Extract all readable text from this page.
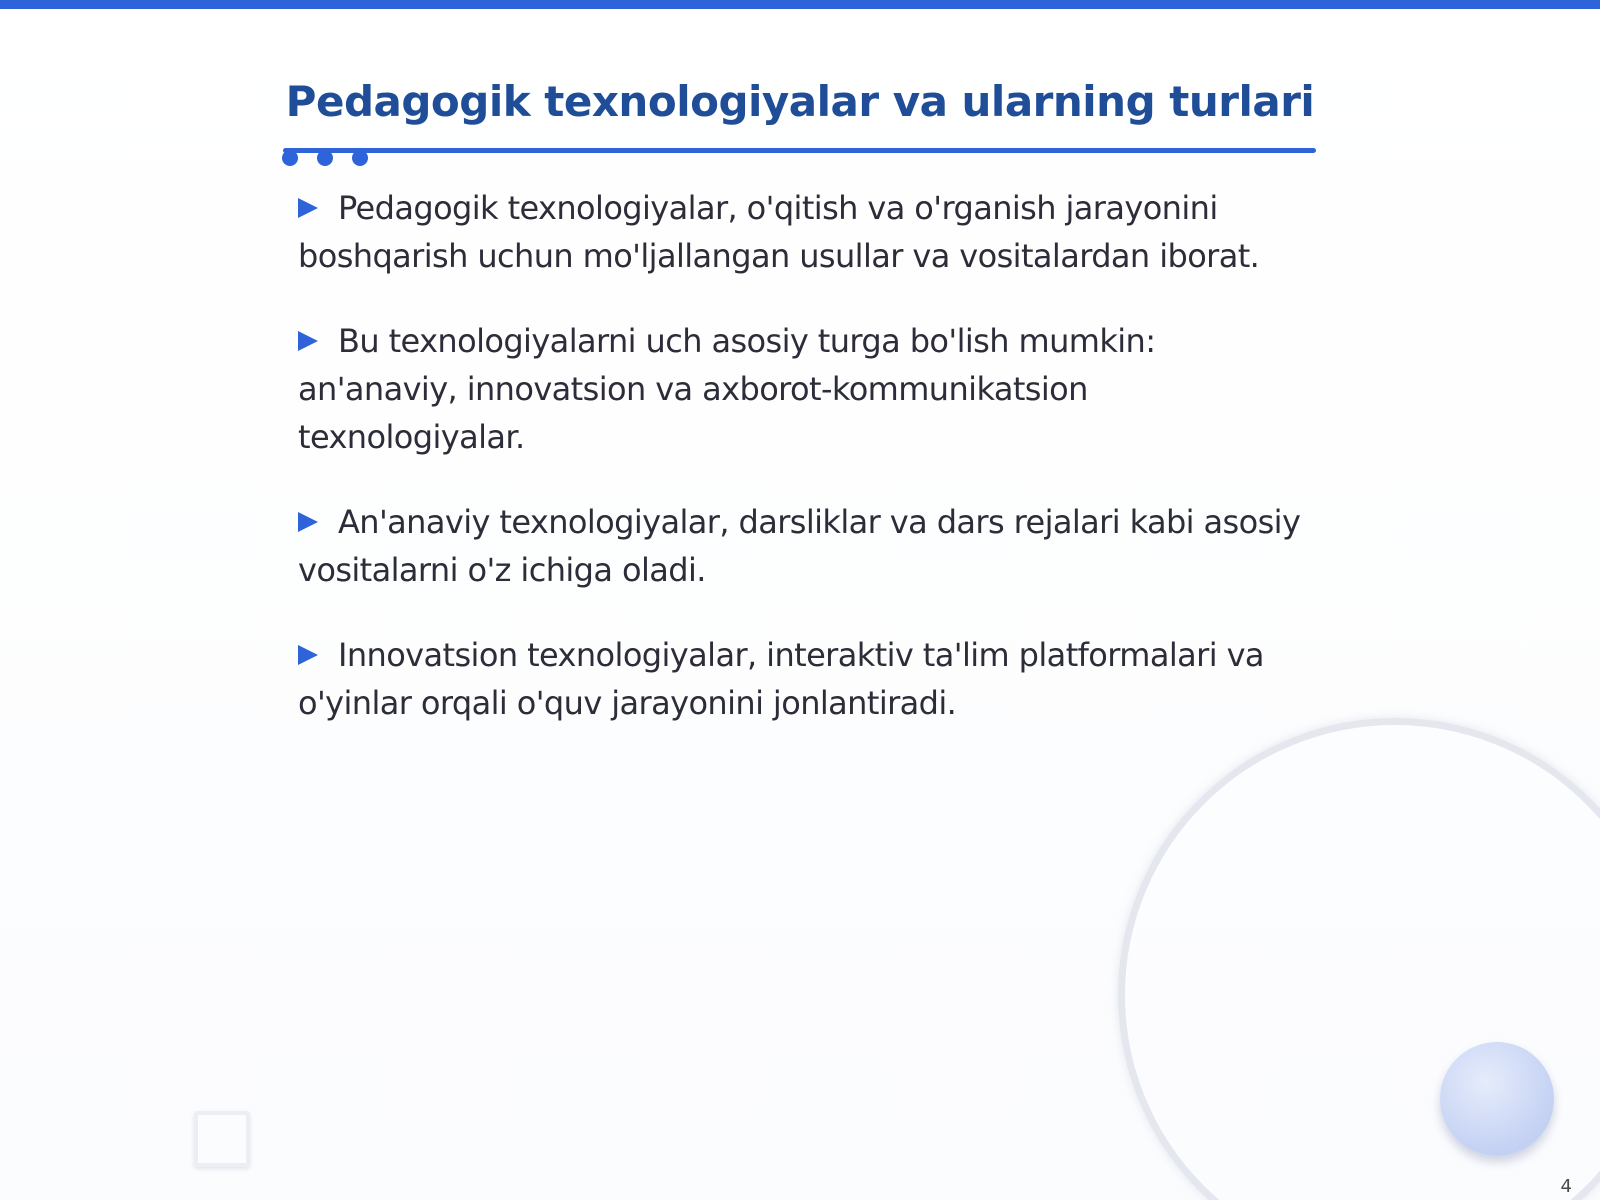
Pedagogik texnologiyalar va ularning turlari
Pedagogik texnologiyalar, o'qitish va o'rganish jarayonini boshqarish uchun mo'ljallangan usullar va vositalardan iborat.
Bu texnologiyalarni uch asosiy turga bo'lish mumkin: an'anaviy, innovatsion va axborot-kommunikatsion texnologiyalar.
An'anaviy texnologiyalar, darsliklar va dars rejalari kabi asosiy vositalarni o'z ichiga oladi.
Innovatsion texnologiyalar, interaktiv ta'lim platformalari va o'yinlar orqali o'quv jarayonini jonlantiradi.
4
